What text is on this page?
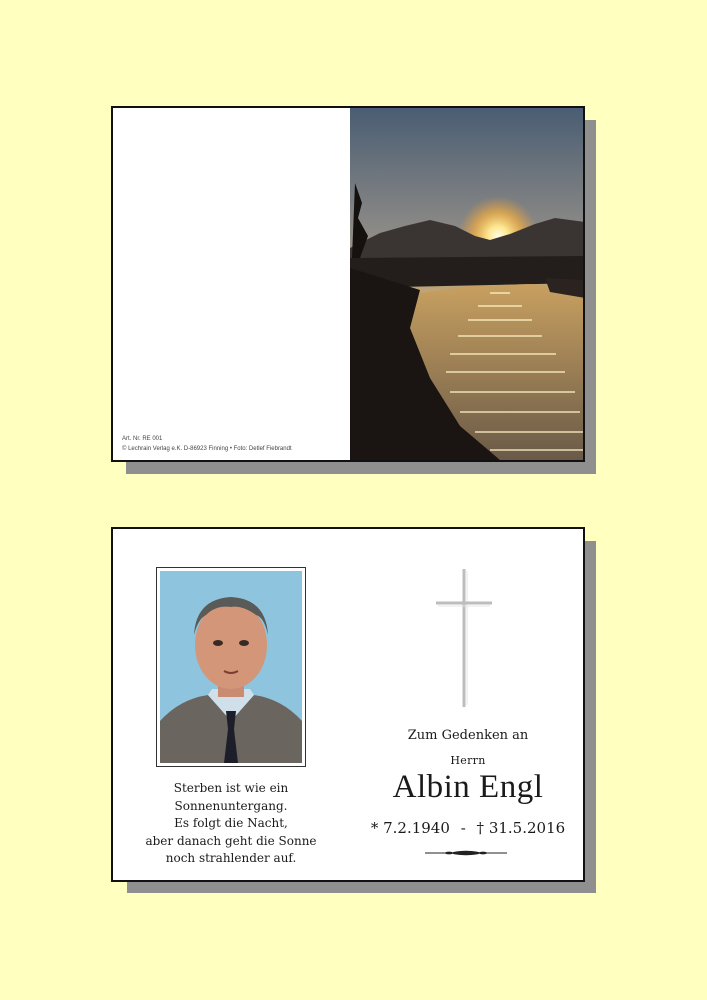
Art. Nr. RE 001
© Lechrain Verlag e.K. D-86923 Finning • Foto: Detlef Fiebrandt
Sterben ist wie ein
Sonnenuntergang.
Es folgt die Nacht,
aber danach geht die Sonne
noch strahlender auf.
Zum Gedenken an
Herrn
Albin Engl
* 7.2.1940 - † 31.5.2016
